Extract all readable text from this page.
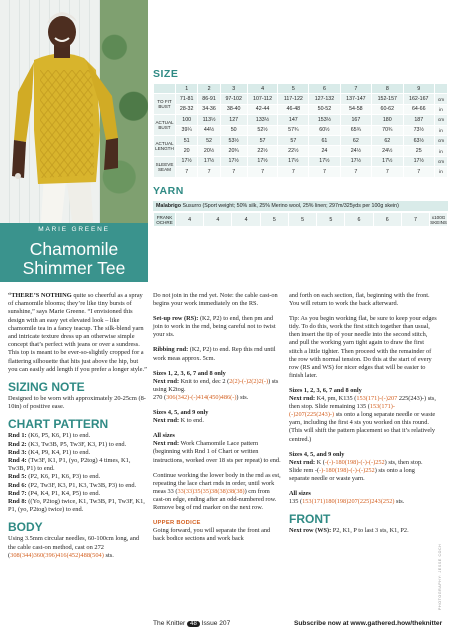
MARIE GREENE
Chamomile
Shimmer Tee
“THERE’S NOTHING quite so cheerful as a spray of chamomile blooms; they’re like tiny bursts of sunshine,” says Marie Greene. “I envisioned this design with an easy yet elevated look – like chamomile tea in a fancy teacup. The silk-blend yarn and intricate texture dress up an otherwise simple concept that’s perfect with jeans or over a sundress. This top is meant to be ever-so-slightly cropped for a flattering silhouette that hits just above the hip, but you can easily add length if you prefer a longer style.”
SIZING NOTE
Designed to be worn with approximately 20-25cm (8-10in) of positive ease.
CHART PATTERN

Rnd 1: (K6, P5, K6, P1) to end.

Rnd 2: (K3, Tw3B, P5, Tw3F, K3, P1) to end.

Rnd 3: (K4, P9, K4, P1) to end.

Rnd 4: (Tw3F, K1, P1, (yo, P2tog) 4 times, K1, Tw3B, P1) to end.

Rnd 5: (P2, K6, P1, K6, P3) to end.

Rnd 6: (P2, Tw3F, K3, P1, K3, Tw3B, P3) to end.

Rnd 7: (P4, K4, P1, K4, P5) to end.

Rnd 8: ((Yo, P2tog) twice, K1, Tw3B, P1, Tw3F, K1, P1, (yo, P2tog) twice) to end.

BODY
Using 3.5mm circular needles, 60-100cm long, and the cable cast-on method, cast on 272 (308(344)360(396)416(452)488(504) sts.
SIZE
	1	2	3	4	5	6	7	8	9	
TO FIT BUST	71-81	86-91	97-102	107-112	117-122	127-132	137-147	152-157	162-167	cm
	28-32	34-36	38-40	42-44	46-48	50-52	54-58	60-62	64-66	in
ACTUAL BUST	100	113½	127	133½	147	153½	167	180	187	cm
	39¼	44½	50	52½	57¾	60½	65¾	70¾	73½	in
ACTUAL LENGTH	51	52	53½	57	57	61	62	62	63½	cm
	20	20½	20¾	22½	22½	24	24½	24½	25	in
SLEEVE SEAM	17½	17½	17½	17½	17½	17½	17½	17½	17½	cm
	7	7	7	7	7	7	7	7	7	in
YARN
Malabrigo Susurro (Sport weight; 50% silk, 25% Merino wool, 25% linen; 297m/325yds per 100g skein)
FRANK OCHRE	4	4	4	5	5	5	6	6	7	x100G SKEINS

Do not join in the rnd yet. Note: the cable cast-on begins your work immediately on the RS.

Set-up row (RS): (K2, P2) to end, then pm and join to work in the rnd, being careful not to twist your sts.

Ribbing rnd: (K2, P2) to end. Rep this rnd until work meas approx. 5cm.

Sizes 1, 2, 3, 6, 7 and 8 only
Next rnd: Knit to end, dec 2 (2(2)-(-)2(2)2(-)) sts using K2tog.
270 (306(342)-(-)414(450)486(-)) sts.

Sizes 4, 5, and 9 only
Next rnd: K to end.

All sizes
Next rnd: Work Chamomile Lace pattern (beginning with Rnd 1 of Chart or written instructions, worked over 18 sts per repeat) to end.

Continue working the lower body in the rnd as est, repeating the lace chart rnds in order, until work meas 33 (33(33)35(35)38(38)38(38)) cm from cast-on edge, ending after an odd-numbered row. Remove beg of rnd marker on the next row.

UPPER BODICE

Going forward, you will separate the front and back bodice sections and work back

and forth on each section, flat, beginning with the front. You will return to work the back afterward.

Tip: As you begin working flat, be sure to keep your edges tidy. To do this, work the first stitch together than usual, then insert the tip of your needle into the second stitch, and pull the working yarn tight again to draw the first stitch a little tighter. Then proceed with the remainder of the row with normal tension. Do this at the start of every row (RS and WS) for nicer edges that will be easier to finish later.

Sizes 1, 2, 3, 6, 7 and 8 only
Next rnd: K4, pm, K135 (153(171)-(-)207 225(243)-) sts, then stop. Slide remaining 135 (153(171)-(-)207(225(243)-) sts onto a long separate needle or waste yarn, including the first 4 sts you worked on this round. (This will shift the pattern placement so that it’s relatively centred.)

Sizes 4, 5, and 9 only
Next rnd: K (-(-)-180(198)-(-)-(-)252) sts, then stop. Slide rem -(-)-180(198)-(-)-(-)252) sts onto a long separate needle or waste yarn.

All sizes
135 (153(171)180(198)207(225)243(252) sts.

FRONT

Next row (WS): P2, K1, P to last 3 sts, K1, P2.

PHOTOGRAPHY: JESSE COCH
The Knitter 48 Issue 207	Subscribe now at www.gathered.how/theknitter
